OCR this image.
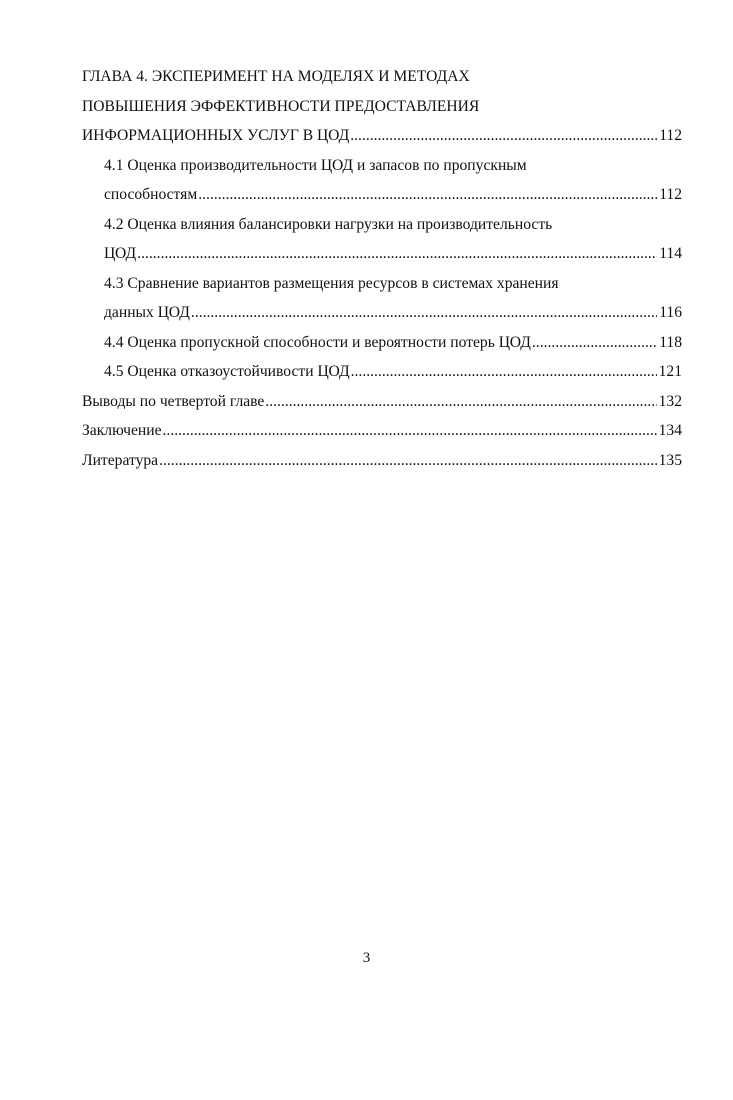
ГЛАВА 4. ЭКСПЕРИМЕНТ НА МОДЕЛЯХ И МЕТОДАХ
ПОВЫШЕНИЯ ЭФФЕКТИВНОСТИ ПРЕДОСТАВЛЕНИЯ
ИНФОРМАЦИОННЫХ УСЛУГ В ЦОД .....	112
4.1 Оценка производительности ЦОД и запасов по пропускным
способностям .....	112
4.2 Оценка влияния балансировки нагрузки на производительность
ЦОД .....	114
4.3 Сравнение вариантов размещения ресурсов в системах хранения
данных ЦОД .....	116
4.4 Оценка пропускной способности и вероятности потерь ЦОД .....	118
4.5 Оценка отказоустойчивости ЦОД .....	121
Выводы по четвертой главе .....	132
Заключение .....	134
Литература .....	135
3
